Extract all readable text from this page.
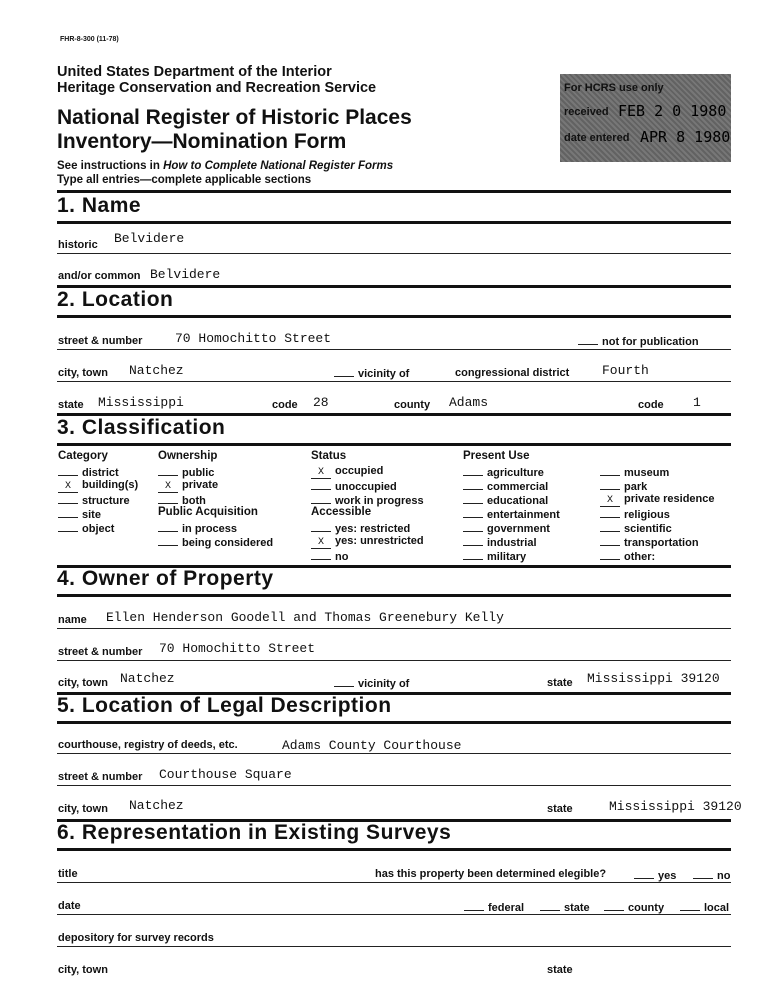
FHR-8-300 (11-78)
United States Department of the Interior
Heritage Conservation and Recreation Service
National Register of Historic Places
Inventory—Nomination Form
See instructions in How to Complete National Register Forms
Type all entries—complete applicable sections
For HCRS use only
received FEB 2 0 1980
date entered APR 8 1980
1. Name
historic Belvidere
and/or common Belvidere
2. Location
street & number	70 Homochitto Street	not for publication
city, town Natchez	vicinity of	congressional district	Fourth
state Mississippi	code 28	county Adams	code 1
3. Classification
Category
district
X building(s)
structure
site
object
Ownership
public
X private
both
Public Acquisition
in process
being considered
Status
X occupied
unoccupied
work in progress
Accessible
yes: restricted
X yes: unrestricted
no
Present Use
agriculture
commercial
educational
entertainment
government
industrial
military
museum
park
X private residence
religious
scientific
transportation
other:
4. Owner of Property
name Ellen Henderson Goodell and Thomas Greenebury Kelly
street & number 70 Homochitto Street
city, town Natchez	vicinity of	state Mississippi 39120
5. Location of Legal Description
courthouse, registry of deeds, etc.	Adams County Courthouse
street & number Courthouse Square
city, town Natchez	state	Mississippi 39120
6. Representation in Existing Surveys
title	has this property been determined elegible?	yes	no
date	federal	state	county	local
depository for survey records
city, town	state
